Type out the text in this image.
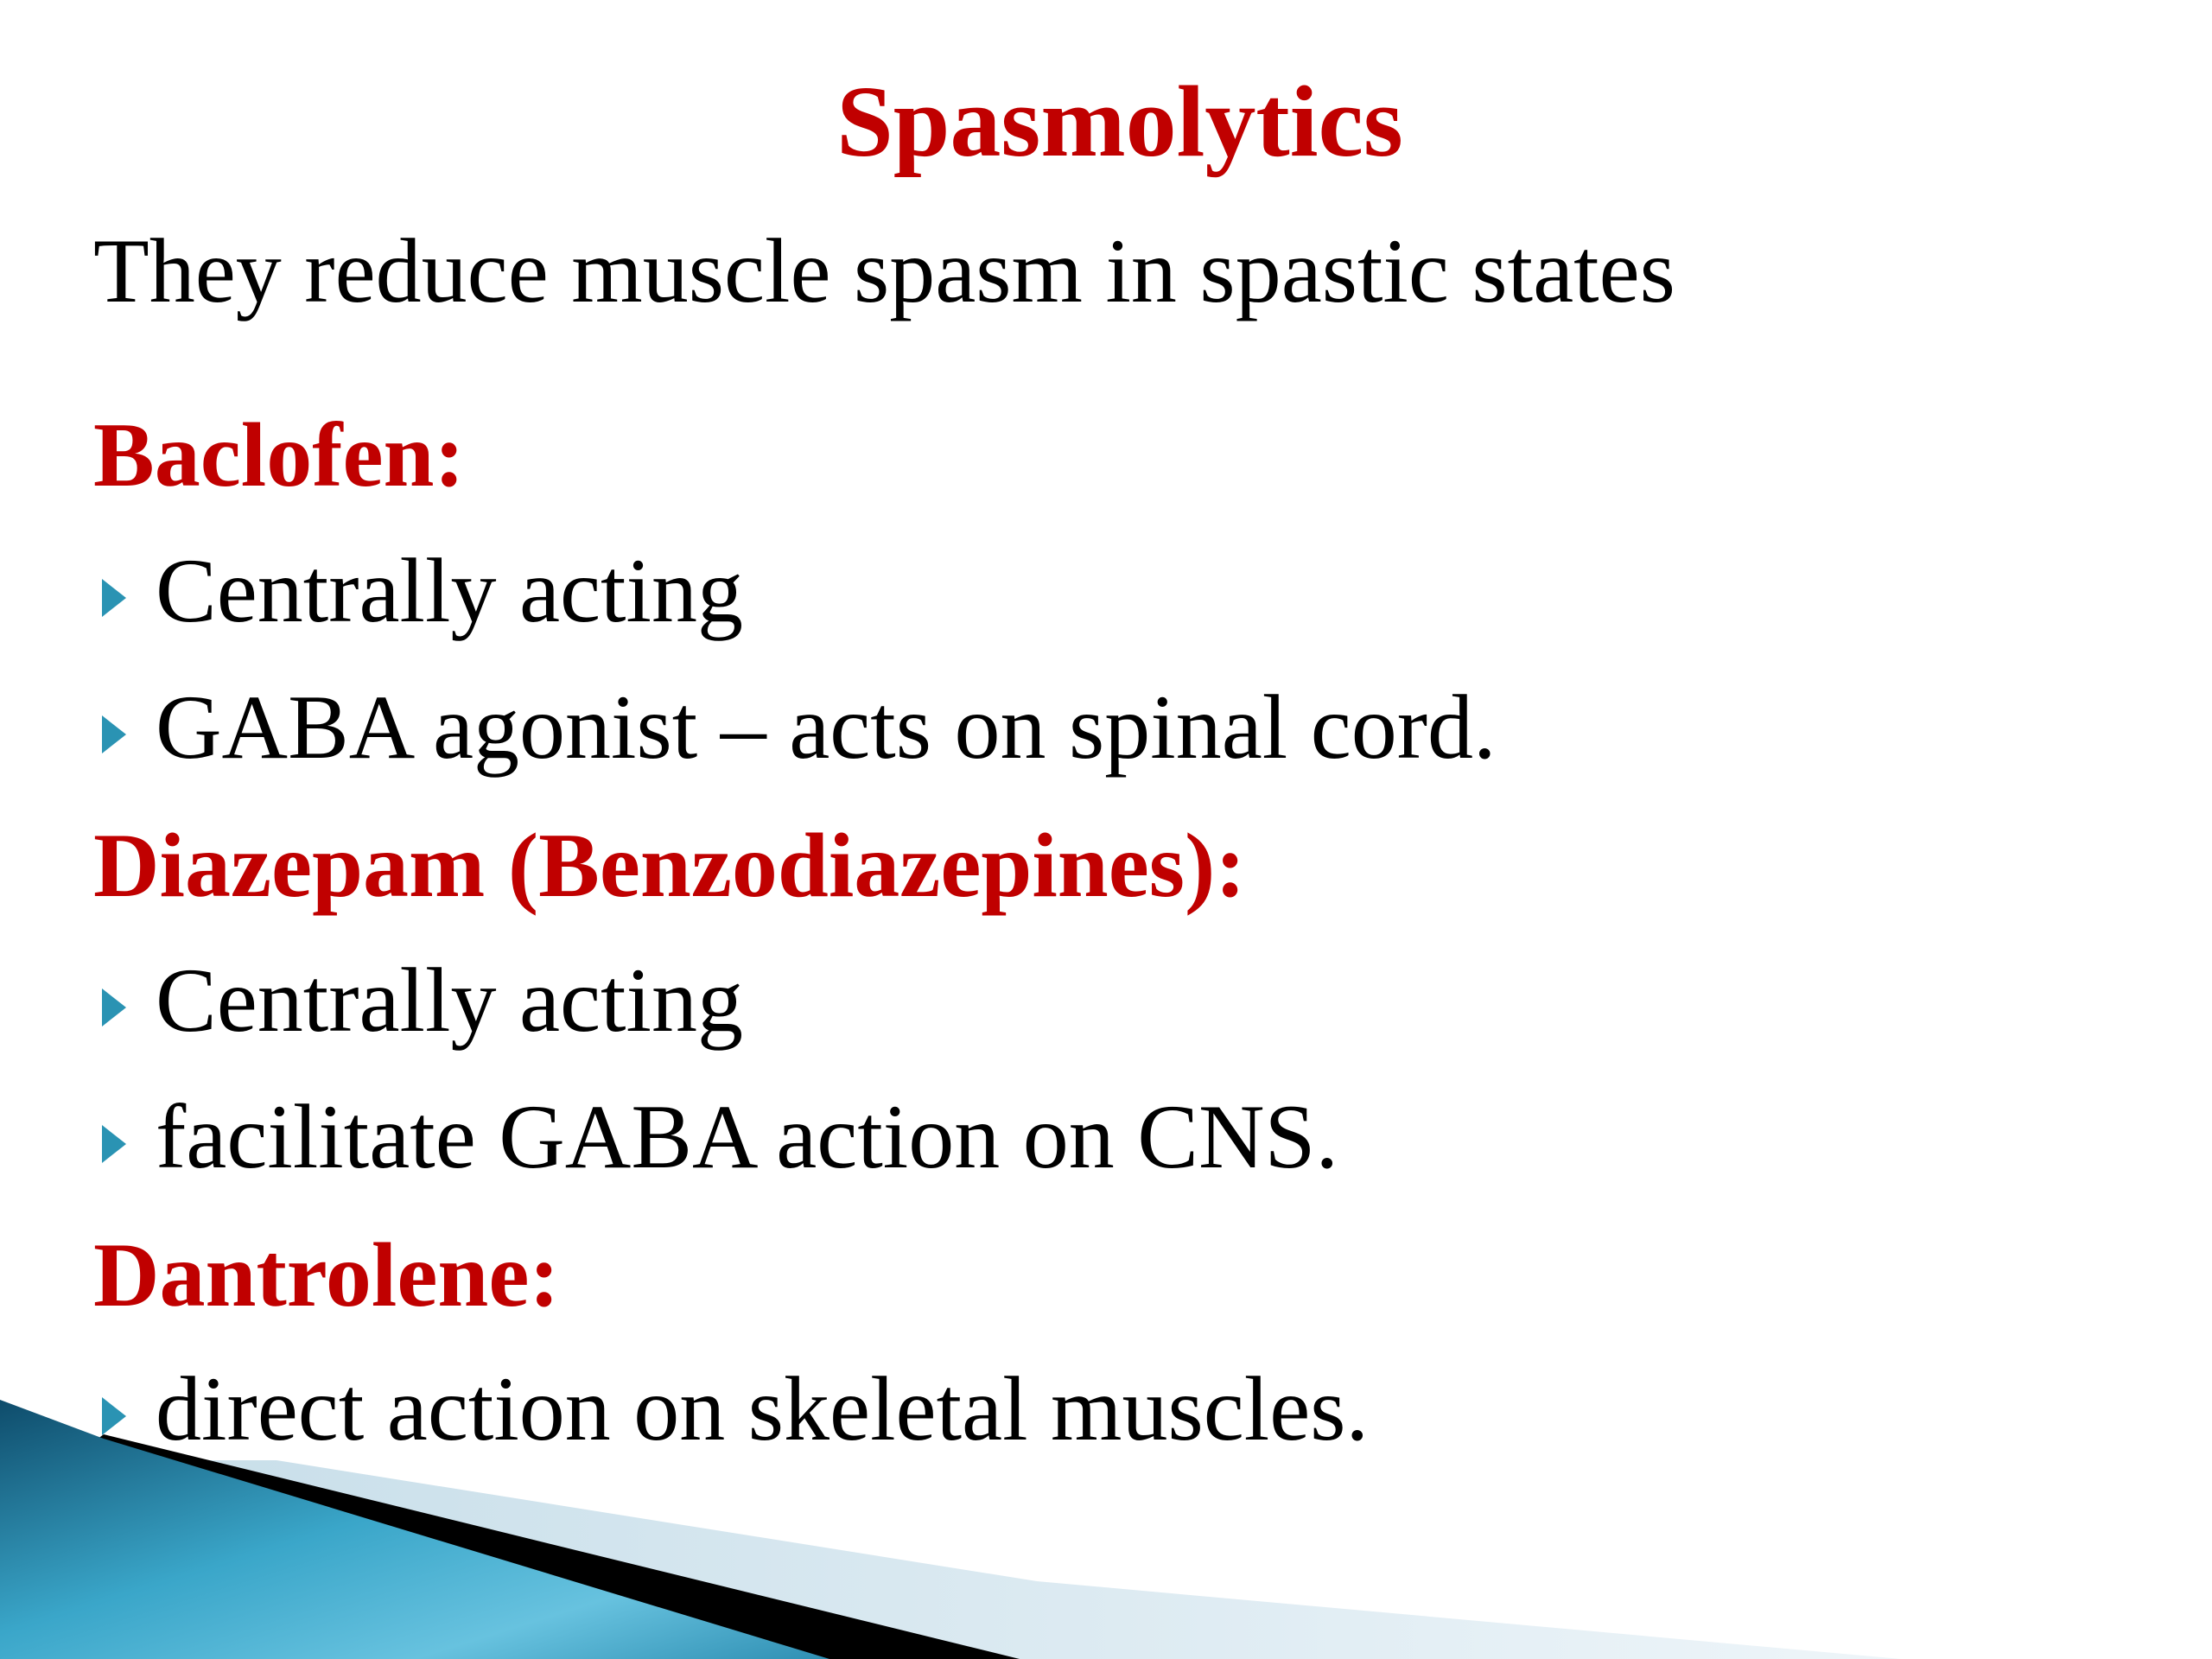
Spasmolytics
They reduce muscle spasm in spastic states
Baclofen:
Centrally acting
GABA agonist – acts on spinal cord.
Diazepam (Benzodiazepines):
Centrally acting
facilitate GABA action on CNS.
Dantrolene:
direct action on skeletal muscles.
